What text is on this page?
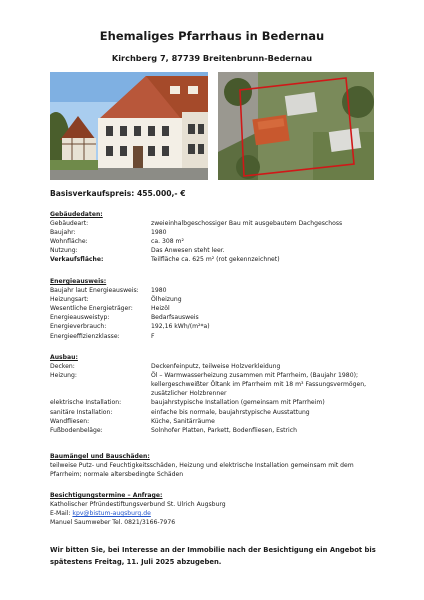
Ehemaliges Pfarrhaus in Bedernau
Kirchberg 7, 87739 Breitenbrunn-Bedernau
Basisverkaufspreis: 455.000,- €
Gebäudedaten:
Gebäudeart:	zweieinhalbgeschossiger Bau mit ausgebautem Dachgeschoss
Baujahr:	1980
Wohnfläche:	ca. 308 m²
Nutzung:	Das Anwesen steht leer.
Verkaufsfläche:	Teilfläche ca. 625 m² (rot gekennzeichnet)
Energieausweis:
Baujahr laut Energieausweis: 1980
Heizungsart:	Ölheizung
Wesentliche Energieträger:	Heizöl
Energieausweistyp:	Bedarfsausweis
Energieverbrauch:	192,16 kWh/(m²*a)
Energieeffizienzklasse:	F
Ausbau:
Decken:	Deckenfeinputz, teilweise Holzverkleidung
Heizung:	Öl – Warmwasserheizung zusammen mit Pfarrheim, (Baujahr 1980); kellergeschweißter Öltank im Pfarrheim mit 18 m³ Fassungsvermögen, zusätzlicher Holzbrenner
elektrische Installation:	baujahrstypische Installation (gemeinsam mit Pfarrheim)
sanitäre Installation:	einfache bis normale, baujahrstypische Ausstattung
Wandfliesen:	Küche, Sanitärräume
Fußbodenbeläge:	Solnhofer Platten, Parkett, Bodenfliesen, Estrich
Baumängel und Bauschäden:
teilweise Putz- und Feuchtigkeitsschäden, Heizung und elektrische Installation gemeinsam mit dem
Pfarrheim; normale altersbedingte Schäden
Besichtigungstermine – Anfrage:
Katholischer Pfründestiftungsverbund St. Ulrich Augsburg
E-Mail: kpv@bistum-augsburg.de
Manuel Saumweber Tel. 0821/3166-7976
Wir bitten Sie, bei Interesse an der Immobilie nach der Besichtigung ein Angebot bis spätestens Freitag, 11. Juli 2025 abzugeben.
